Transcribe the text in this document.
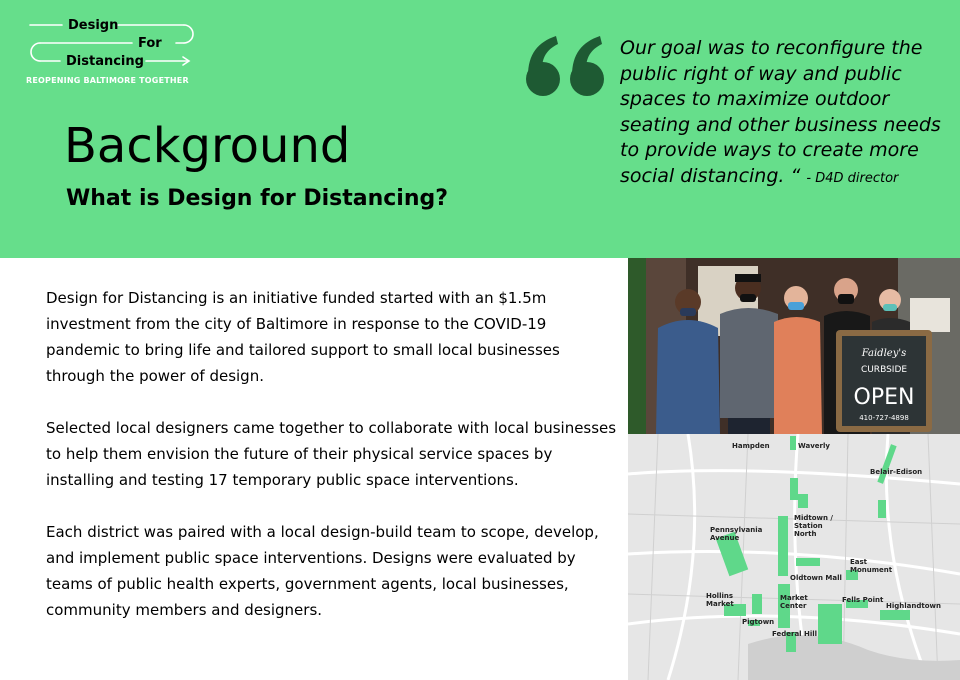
Design
For
Distancing
REOPENING BALTIMORE TOGETHER
Background
What is Design for Distancing?

Our goal was to reconfigure the public right of way and public spaces to maximize outdoor seating and other business needs to provide ways to create more social distancing. “ - D4D director

Design for Distancing is an initiative funded started with an $1.5m investment from the city of Baltimore in response to the COVID-19 pandemic to bring life and tailored support to small local businesses through the power of design.

Selected local designers came together to collaborate with local businesses to help them envision the future of their physical service spaces by installing and testing 17 temporary public space interventions.

Each district was paired with a local design-build team to scope, develop, and implement public space interventions. Designs were evaluated by teams of public health experts, government agents, local businesses, community members and designers.

Faidley's
CURBSIDE
OPEN
410-727-4898
Hampden	Waverly
Belair-Edison
Midtown / Station North
Pennsylvania Avenue
East Monument
Oldtown Mall
Hollins Market
Market Center
Fells Point
Highlandtown
Pigtown
Federal Hill
